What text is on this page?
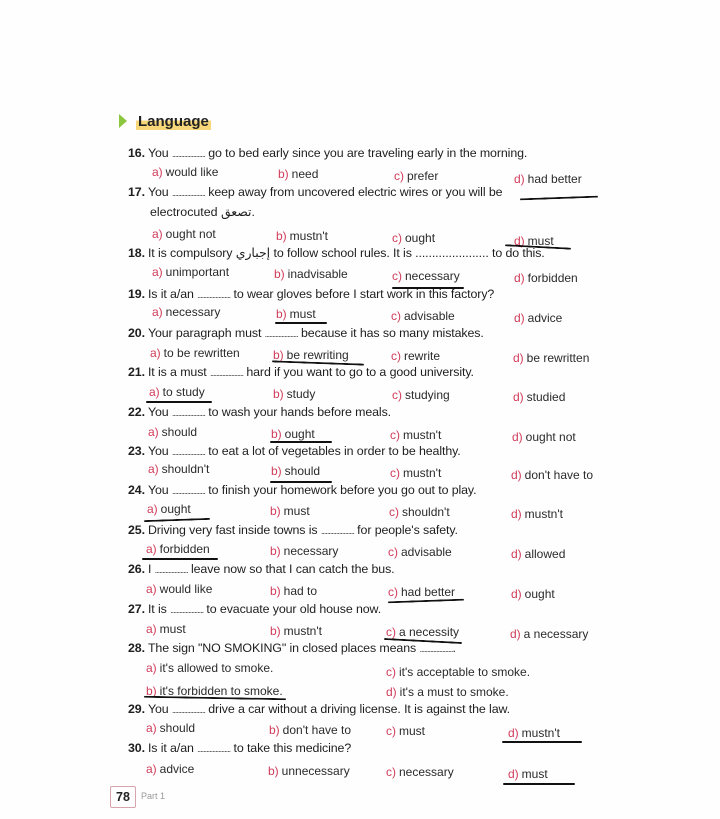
Language
16. You ...................... go to bed early since you are traveling early in the morning.
a) would like	b) need	c) prefer	d) had better
17. You ...................... keep away from uncovered electric wires or you will be
electrocuted تصعق.
a) ought not	b) mustn't	c) ought	d) must
18. It is compulsory إجباري to follow school rules. It is ...................... to do this.
a) unimportant	b) inadvisable	c) necessary	d) forbidden
19. Is it a/an ...................... to wear gloves before I start work in this factory?
a) necessary	b) must	c) advisable	d) advice
20. Your paragraph must ...................... because it has so many mistakes.
a) to be rewritten	b) be rewriting	c) rewrite	d) be rewritten
21. It is a must ...................... hard if you want to go to a good university.
a) to study	b) study	c) studying	d) studied
22. You ...................... to wash your hands before meals.
a) should	b) ought	c) mustn't	d) ought not
23. You ...................... to eat a lot of vegetables in order to be healthy.
a) shouldn't	b) should	c) mustn't	d) don't have to
24. You ...................... to finish your homework before you go out to play.
a) ought	b) must	c) shouldn't	d) mustn't
25. Driving very fast inside towns is ...................... for people's safety.
a) forbidden	b) necessary	c) advisable	d) allowed
26. I ...................... leave now so that I can catch the bus.
a) would like	b) had to	c) had better	d) ought
27. It is ...................... to evacuate your old house now.
a) must	b) mustn't	c) a necessity	d) a necessary
28. The sign "NO SMOKING" in closed places means .......................
a) it's allowed to smoke.
b) it's forbidden to smoke.
c) it's acceptable to smoke.
d) it's a must to smoke.
29. You ...................... drive a car without a driving license. It is against the law.
a) should	b) don't have to	c) must	d) mustn't
30. Is it a/an ...................... to take this medicine?
a) advice	b) unnecessary	c) necessary	d) must
78	Part 1
